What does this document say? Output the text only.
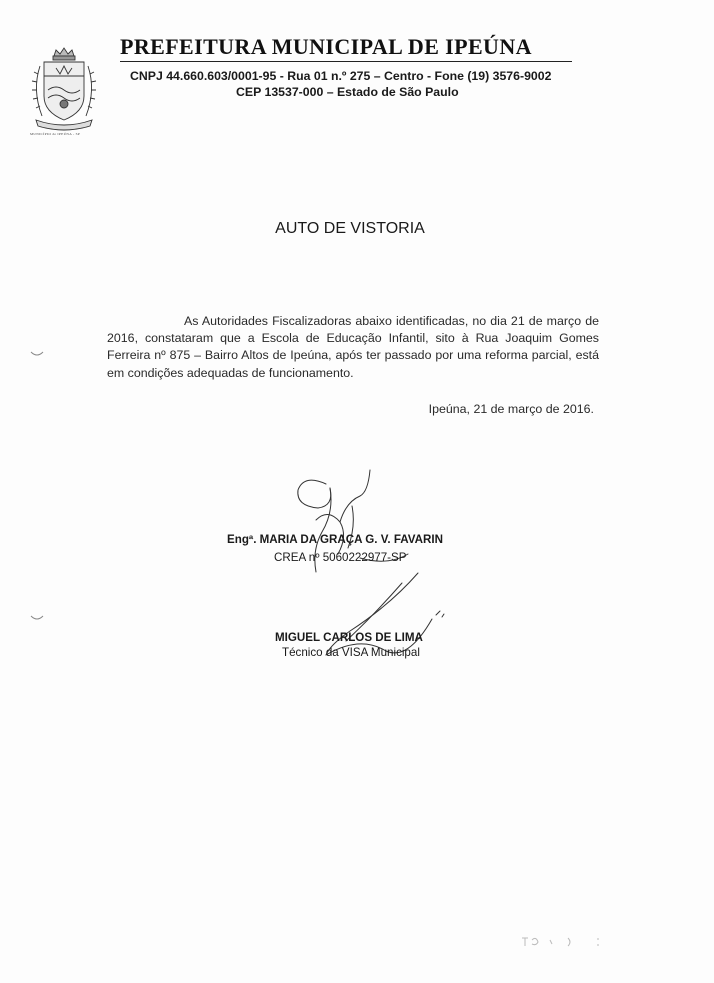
MUNICÍPIO de IPEÚNA - SP
PREFEITURA MUNICIPAL DE IPEÚNA
CNPJ 44.660.603/0001-95 - Rua 01 n.º 275 – Centro - Fone (19) 3576-9002
CEP 13537-000 – Estado de São Paulo
AUTO DE VISTORIA

As Autoridades Fiscalizadoras abaixo identificadas, no dia 21 de março de 2016, constataram que a Escola de Educação Infantil, sito à Rua Joaquim Gomes Ferreira nº 875 – Bairro Altos de Ipeúna, após ter passado por uma reforma parcial, está em condições adequadas de funcionamento.

Ipeúna, 21 de março de 2016.
Engª. MARIA DA GRAÇA G. V. FAVARIN
CREA nº 5060222977-SP
MIGUEL CARLOS DE LIMA
Técnico da VISA Municipal
